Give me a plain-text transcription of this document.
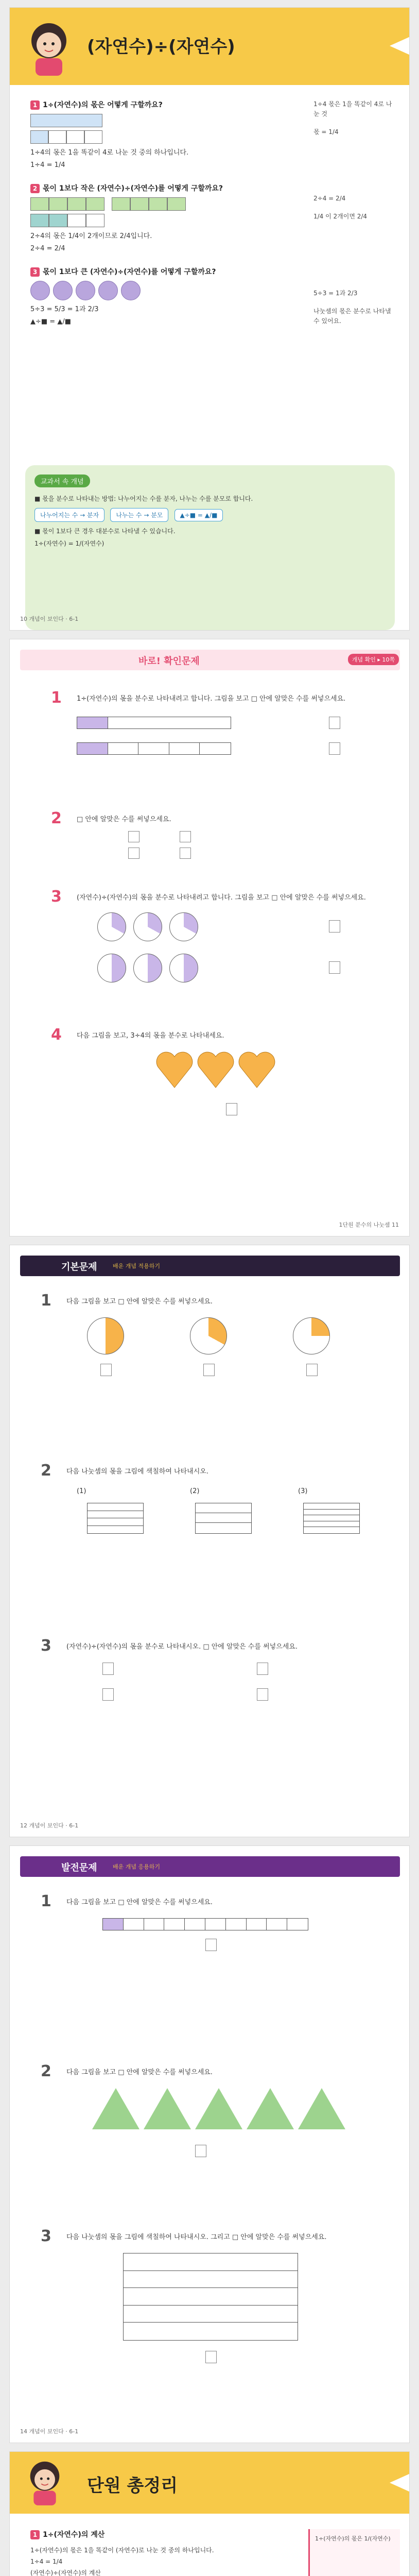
(자연수)÷(자연수)
1 1÷(자연수)의 몫은 어떻게 구할까요?
1÷4의 몫은 1을 똑같이 4로 나눈 것 중의 하나입니다.
1÷4 = 1/4
2 몫이 1보다 작은 (자연수)÷(자연수)를 어떻게 구할까요?
2÷4의 몫은 1/4이 2개이므로 2/4입니다.
2÷4 = 2/4
3 몫이 1보다 큰 (자연수)÷(자연수)를 어떻게 구할까요?
5÷3 = 5/3 = 1과 2/3
▲÷■ = ▲/■
1÷4 몫은 1을 똑같이 4로 나눈 것
몫 = 1/4
2÷4 = 2/4
1/4 이 2개이면 2/4
5÷3 = 1과 2/3
나눗셈의 몫은 분수로 나타낼 수 있어요.
교과서 속 개념
■ 몫을 분수로 나타내는 방법: 나누어지는 수를 분자, 나누는 수를 분모로 합니다.
나누어지는 수 → 분자	나누는 수 → 분모	▲÷■ = ▲/■
■ 몫이 1보다 큰 경우 대분수로 나타낼 수 있습니다.
1÷(자연수) = 1/(자연수)
10 개념이 보인다 · 6-1
바로! 확인문제	개념 확인 ▸ 10쪽
1 1÷(자연수)의 몫을 분수로 나타내려고 합니다. 그림을 보고 □ 안에 알맞은 수를 써넣으세요.
2 □ 안에 알맞은 수를 써넣으세요.
3 (자연수)÷(자연수)의 몫을 분수로 나타내려고 합니다. 그림을 보고 □ 안에 알맞은 수를 써넣으세요.
4 다음 그림을 보고, 3÷4의 몫을 분수로 나타내세요.
1단원 분수의 나눗셈 11
기본문제	배운 개념 적용하기
1 다음 그림을 보고 □ 안에 알맞은 수를 써넣으세요.
2 다음 나눗셈의 몫을 그림에 색칠하여 나타내시오.
(1)	(2)	(3)
3 (자연수)÷(자연수)의 몫을 분수로 나타내시오. □ 안에 알맞은 수를 써넣으세요.
12 개념이 보인다 · 6-1
발전문제	배운 개념 응용하기
1 다음 그림을 보고 □ 안에 알맞은 수를 써넣으세요.
2 다음 그림을 보고 □ 안에 알맞은 수를 써넣으세요.
3 다음 나눗셈의 몫을 그림에 색칠하여 나타내시오. 그리고 □ 안에 알맞은 수를 써넣으세요.
14 개념이 보인다 · 6-1
단원 총정리
1 1÷(자연수)의 계산
1÷(자연수)의 몫은 1을 똑같이 (자연수)로 나눈 것 중의 하나입니다.
1÷4 = 1/4
(자연수)÷(자연수)의 계산
1÷(자연수)의 몫은 1/(자연수)
